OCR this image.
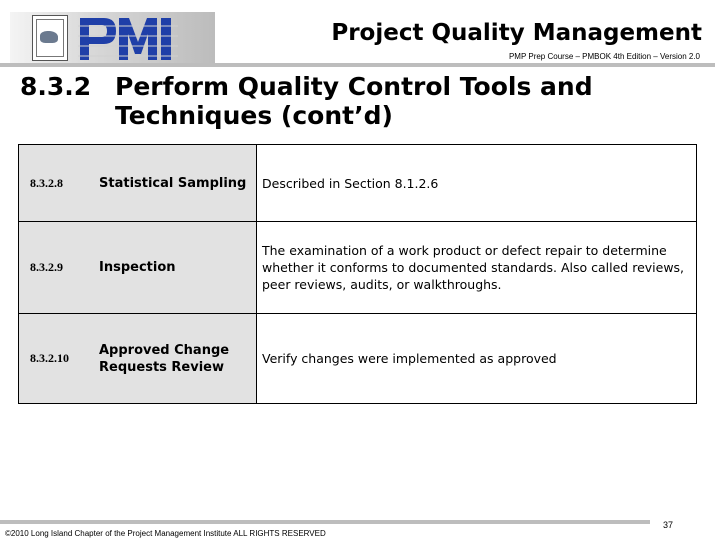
Project Quality Management
PMP Prep Course – PMBOK 4th Edition – Version 2.0
8.3.2 Perform Quality Control Tools and Techniques (cont’d)
8.3.2.8	Statistical Sampling	Described in Section 8.1.2.6
8.3.2.9	Inspection	The examination of a work product or defect repair to determine whether it conforms to documented standards. Also called reviews, peer reviews, audits, or walkthroughs.
8.3.2.10	Approved Change Requests Review	Verify changes were implemented as approved
©2010 Long Island Chapter of the Project Management Institute ALL RIGHTS RESERVED
37
